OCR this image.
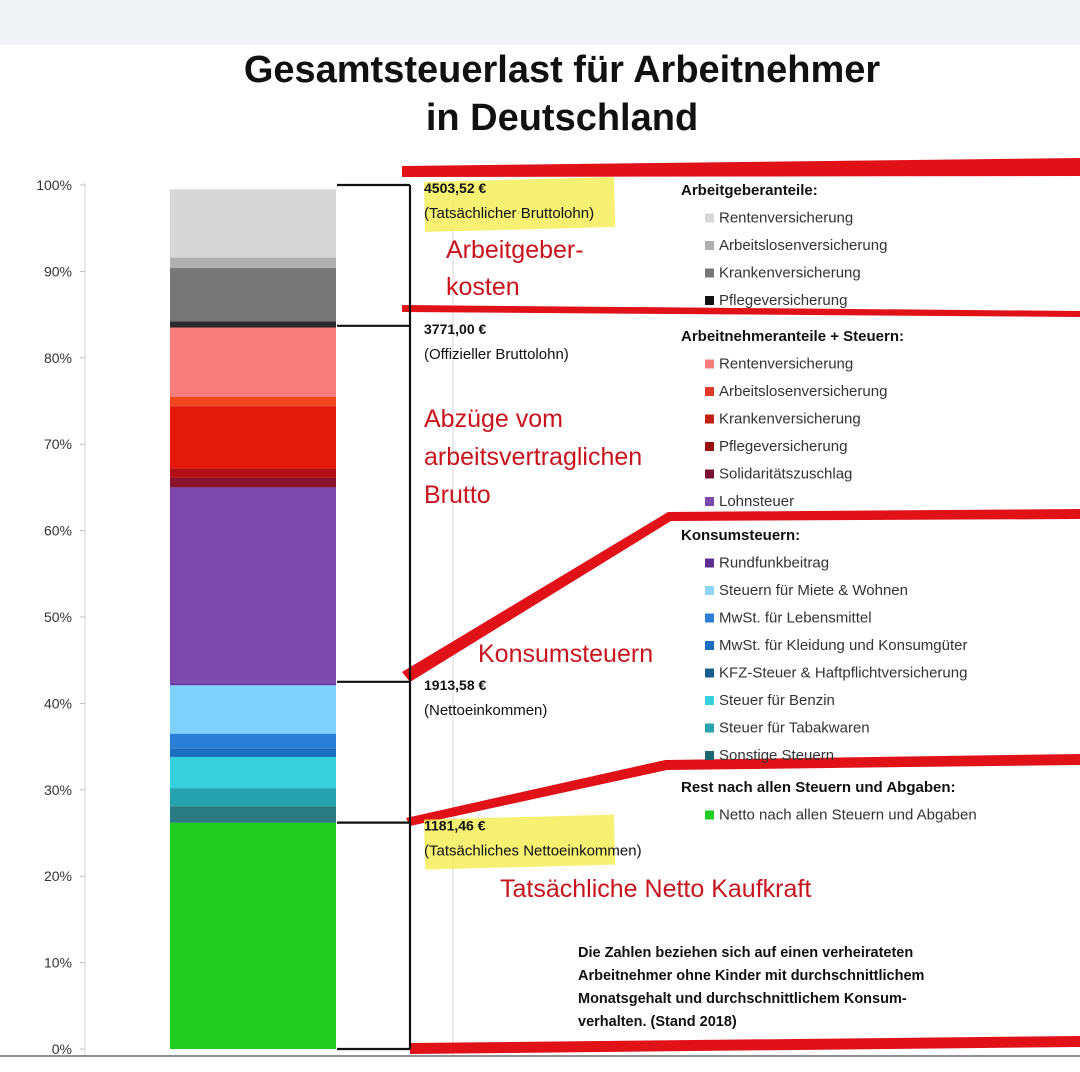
Gesamtsteuerlast für Arbeitnehmer
in Deutschland
0%
10%
20%
30%
40%
50%
60%
70%
80%
90%
100%	4503,52 €
(Tatsächlicher Bruttolohn)
3771,00 €
(Offizieller Bruttolohn)
1913,58 €
(Nettoeinkommen)
1181,46 €
(Tatsächliches Nettoeinkommen)
Arbeitgeberanteile:
Rentenversicherung
Arbeitslosenversicherung
Krankenversicherung
Pflegeversicherung
Arbeitnehmeranteile + Steuern:
Rentenversicherung
Arbeitslosenversicherung
Krankenversicherung
Pflegeversicherung
Solidaritätszuschlag
Lohnsteuer
Konsumsteuern:
Rundfunkbeitrag
Steuern für Miete & Wohnen
MwSt. für Lebensmittel
MwSt. für Kleidung und Konsumgüter
KFZ-Steuer & Haftpflichtversicherung
Steuer für Benzin
Steuer für Tabakwaren
Sonstige Steuern
Rest nach allen Steuern und Abgaben:
Netto nach allen Steuern und Abgaben
Arbeitgeber-
kosten
Abzüge vom
arbeitsvertraglichen
Brutto
Konsumsteuern
Tatsächliche Netto Kaufkraft
Die Zahlen beziehen sich auf einen verheirateten
Arbeitnehmer ohne Kinder mit durchschnittlichem
Monatsgehalt und durchschnittlichem Konsum-
verhalten. (Stand 2018)
